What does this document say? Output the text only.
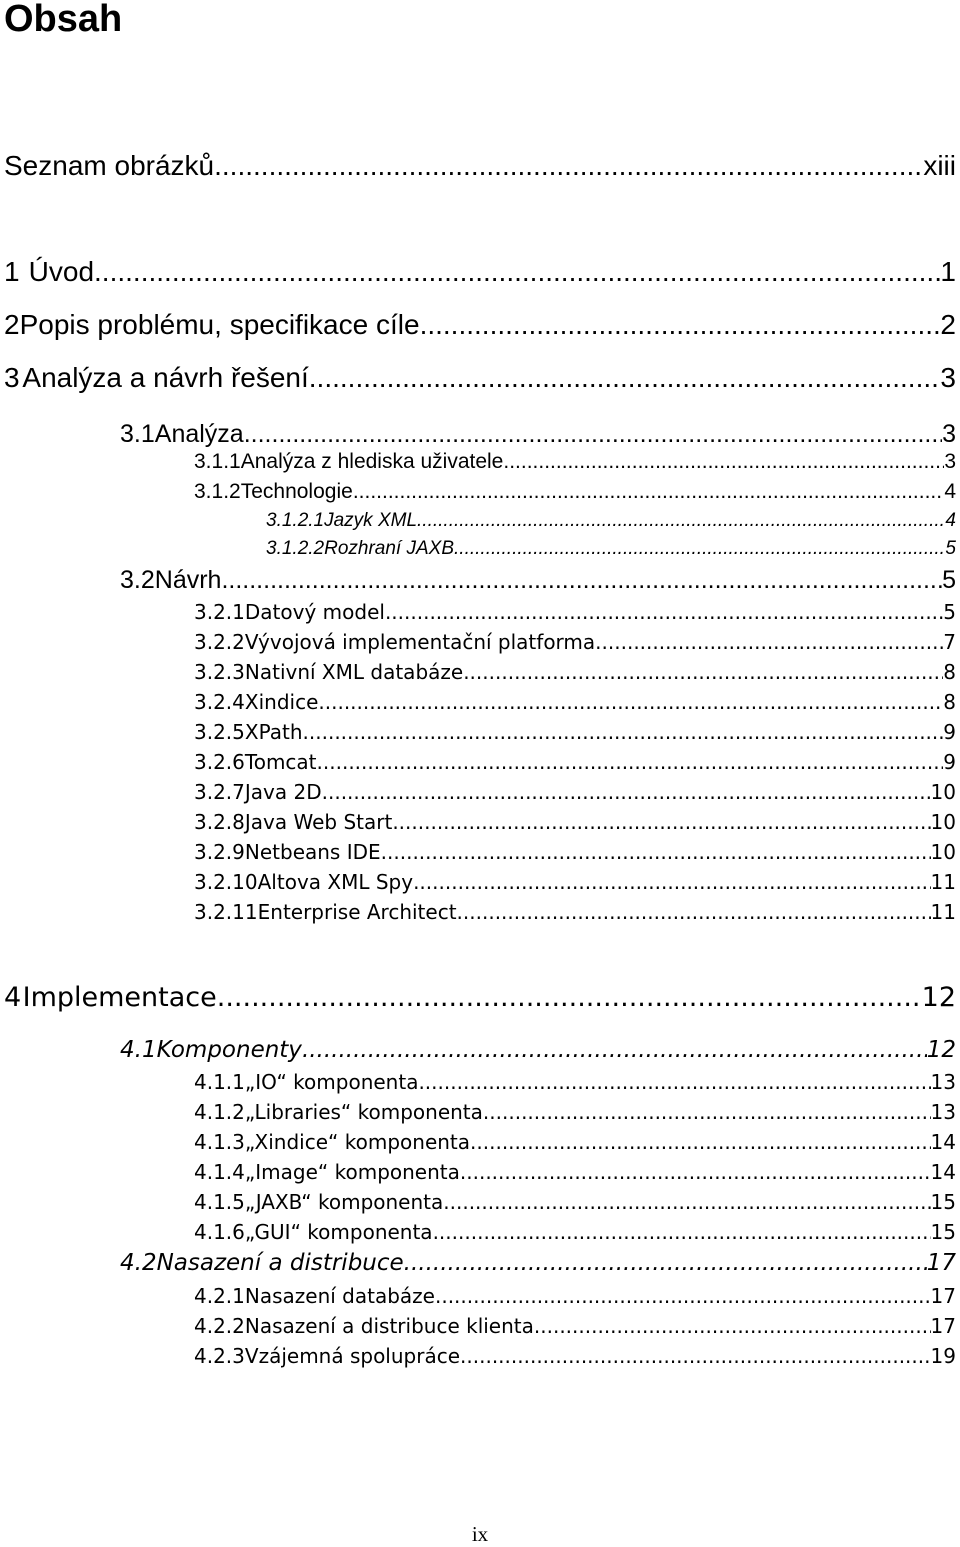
Obsah
Seznam obrázků .....	xiii
1 Úvod .....	1
2 Popis problému, specifikace cíle .....	2
3 Analýza a návrh řešení .....	3
3.1 Analýza .....	3
3.1.1 Analýza z hlediska uživatele .....	3
3.1.2 Technologie .....	4
3.1.2.1 Jazyk XML .....	4
3.1.2.2 Rozhraní JAXB .....	5
3.2 Návrh .....	5
3.2.1 Datový model .....	5
3.2.2 Vývojová implementační platforma .....	7
3.2.3 Nativní XML databáze .....	8
3.2.4 Xindice .....	8
3.2.5 XPath .....	9
3.2.6 Tomcat .....	9
3.2.7 Java 2D .....	10
3.2.8 Java Web Start .....	10
3.2.9 Netbeans IDE .....	10
3.2.10 Altova XML Spy .....	11
3.2.11 Enterprise Architect .....	11
4 Implementace .....	12
4.1 Komponenty .....	12
4.1.1 „IO“ komponenta .....	13
4.1.2 „Libraries“ komponenta .....	13
4.1.3 „Xindice“ komponenta .....	14
4.1.4 „Image“ komponenta .....	14
4.1.5 „JAXB“ komponenta .....	15
4.1.6 „GUI“ komponenta .....	15
4.2 Nasazení a distribuce .....	17
4.2.1 Nasazení databáze .....	17
4.2.2 Nasazení a distribuce klienta .....	17
4.2.3 Vzájemná spolupráce .....	19
ix
